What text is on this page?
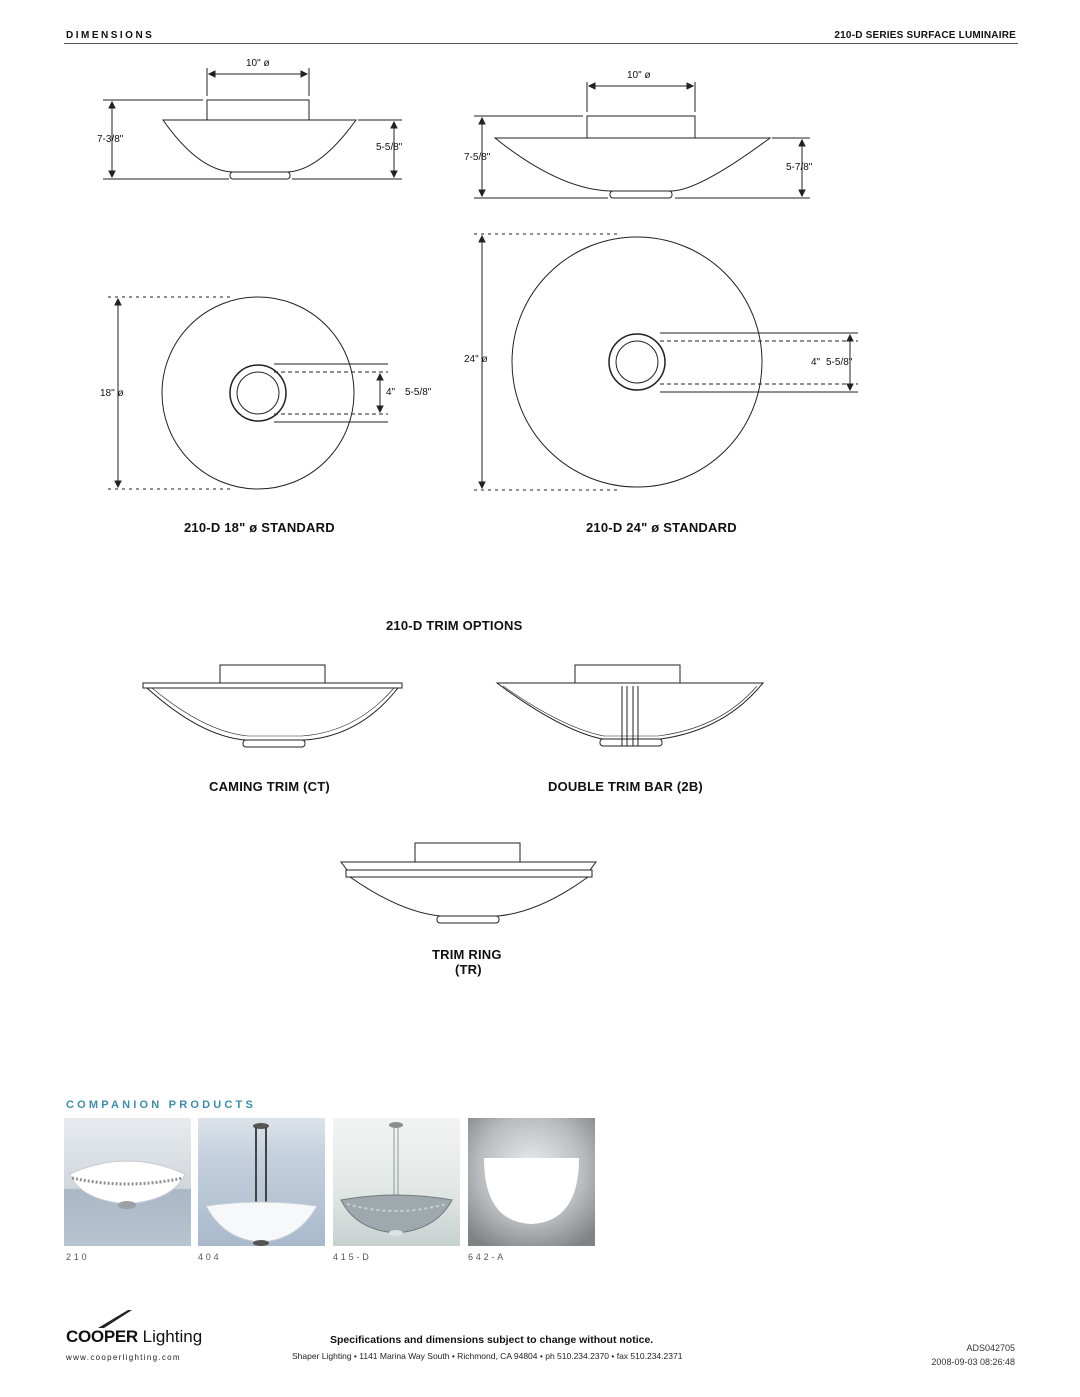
DIMENSIONS	210-D SERIES SURFACE LUMINAIRE
10" ø
7-3/8"
5-5/8"
10" ø
7-5/8"
5-7/8"
18" ø	4" 5-5/8"
24" ø	4" 5-5/8"
210-D 18" ø STANDARD	210-D 24" ø STANDARD
210-D TRIM OPTIONS
CAMING TRIM (CT)	DOUBLE TRIM BAR (2B)
TRIM RING
(TR)
COMPANION PRODUCTS
210	404	415-D	642-A
COOPER Lighting
www.cooperlighting.com
Specifications and dimensions subject to change without notice.
Shaper Lighting • 1141 Marina Way South • Richmond, CA 94804 • ph 510.234.2370 • fax 510.234.2371
ADS042705
2008-09-03 08:26:48
